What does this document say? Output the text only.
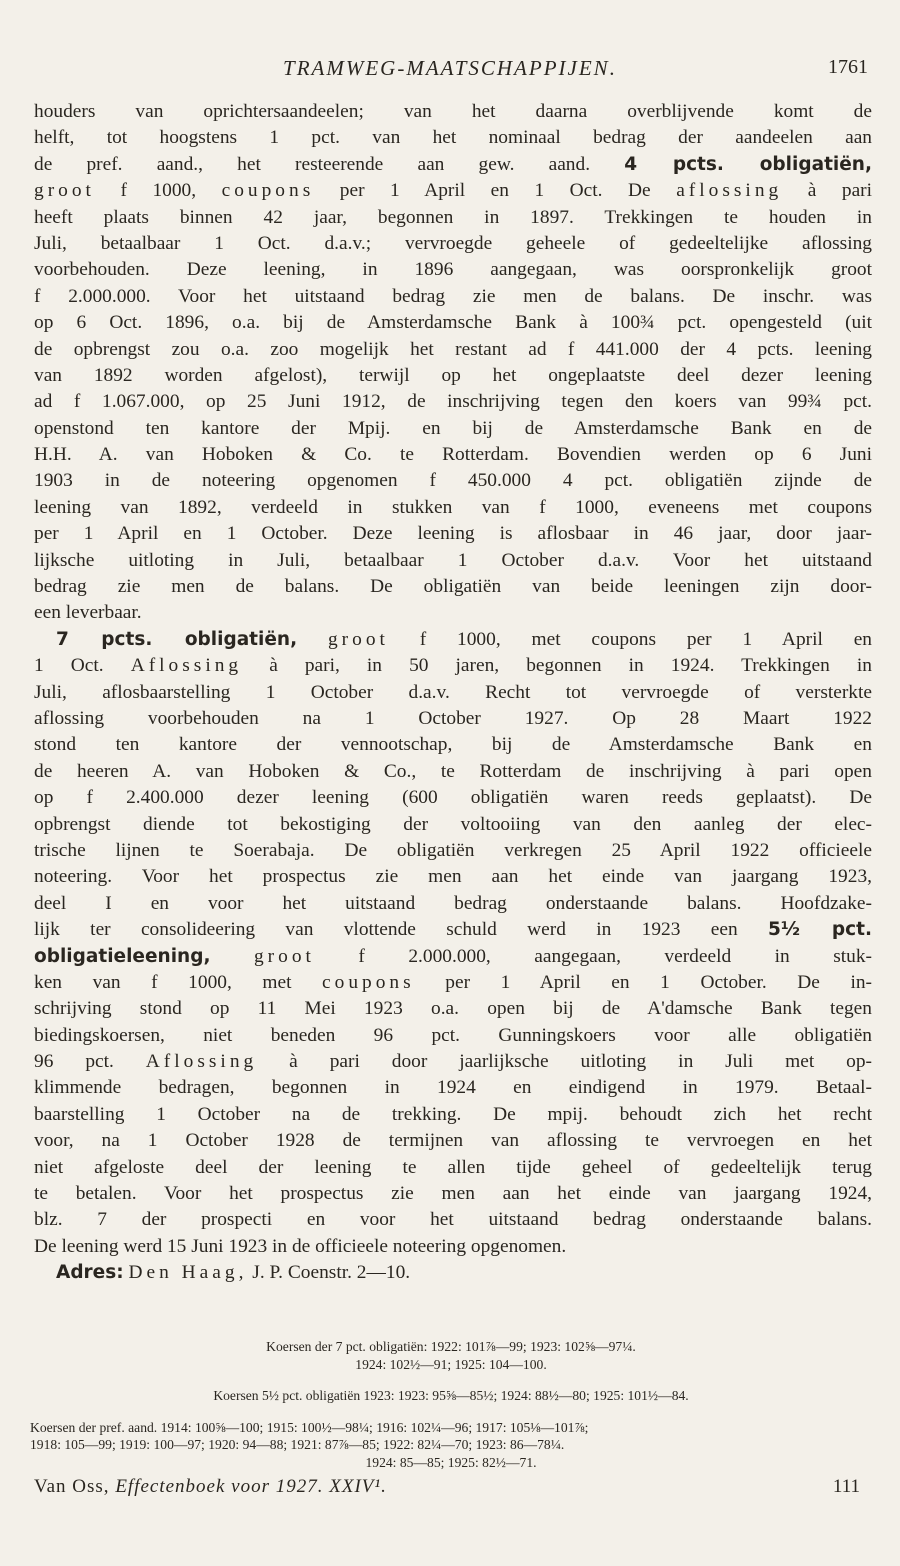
TRAMWEG-MAATSCHAPPIJEN.	1761
houders van oprichtersaandeelen; van het daarna overblijvende komt de
helft, tot hoogstens 1 pct. van het nominaal bedrag der aandeelen aan
de pref. aand., het resteerende aan gew. aand. 4 pcts. obligatiën,
groot f 1000, coupons per 1 April en 1 Oct. De aflossing à pari
heeft plaats binnen 42 jaar, begonnen in 1897. Trekkingen te houden in
Juli, betaalbaar 1 Oct. d.a.v.; vervroegde geheele of gedeeltelijke aflossing
voorbehouden. Deze leening, in 1896 aangegaan, was oorspronkelijk groot
f 2.000.000. Voor het uitstaand bedrag zie men de balans. De inschr. was
op 6 Oct. 1896, o.a. bij de Amsterdamsche Bank à 100¾ pct. opengesteld (uit
de opbrengst zou o.a. zoo mogelijk het restant ad f 441.000 der 4 pcts. leening
van 1892 worden afgelost), terwijl op het ongeplaatste deel dezer leening
ad f 1.067.000, op 25 Juni 1912, de inschrijving tegen den koers van 99¾ pct.
openstond ten kantore der Mpij. en bij de Amsterdamsche Bank en de
H.H. A. van Hoboken & Co. te Rotterdam. Bovendien werden op 6 Juni
1903 in de noteering opgenomen f 450.000 4 pct. obligatiën zijnde de
leening van 1892, verdeeld in stukken van f 1000, eveneens met coupons
per 1 April en 1 October. Deze leening is aflosbaar in 46 jaar, door jaar-
lijksche uitloting in Juli, betaalbaar 1 October d.a.v. Voor het uitstaand
bedrag zie men de balans. De obligatiën van beide leeningen zijn door-
een leverbaar.
7 pcts. obligatiën, groot f 1000, met coupons per 1 April en
1 Oct. Aflossing à pari, in 50 jaren, begonnen in 1924. Trekkingen in
Juli, aflosbaarstelling 1 October d.a.v. Recht tot vervroegde of versterkte
aflossing voorbehouden na 1 October 1927. Op 28 Maart 1922
stond ten kantore der vennootschap, bij de Amsterdamsche Bank en
de heeren A. van Hoboken & Co., te Rotterdam de inschrijving à pari open
op f 2.400.000 dezer leening (600 obligatiën waren reeds geplaatst). De
opbrengst diende tot bekostiging der voltooiing van den aanleg der elec-
trische lijnen te Soerabaja. De obligatiën verkregen 25 April 1922 officieele
noteering. Voor het prospectus zie men aan het einde van jaargang 1923,
deel I en voor het uitstaand bedrag onderstaande balans. Hoofdzake-
lijk ter consolideering van vlottende schuld werd in 1923 een 5½ pct.
obligatieleening, groot f 2.000.000, aangegaan, verdeeld in stuk-
ken van f 1000, met coupons per 1 April en 1 October. De in-
schrijving stond op 11 Mei 1923 o.a. open bij de A'damsche Bank tegen
biedingskoersen, niet beneden 96 pct. Gunningskoers voor alle obligatiën
96 pct. Aflossing à pari door jaarlijksche uitloting in Juli met op-
klimmende bedragen, begonnen in 1924 en eindigend in 1979. Betaal-
baarstelling 1 October na de trekking. De mpij. behoudt zich het recht
voor, na 1 October 1928 de termijnen van aflossing te vervroegen en het
niet afgeloste deel der leening te allen tijde geheel of gedeeltelijk terug
te betalen. Voor het prospectus zie men aan het einde van jaargang 1924,
blz. 7 der prospecti en voor het uitstaand bedrag onderstaande balans.
De leening werd 15 Juni 1923 in de officieele noteering opgenomen.
Adres: Den Haag, J. P. Coenstr. 2—10.
Koersen der 7 pct. obligatiën: 1922: 101⅞—99; 1923: 102⅝—97¼.
1924: 102½—91; 1925: 104—100.
Koersen 5½ pct. obligatiën 1923: 1923: 95⅝—85½; 1924: 88½—80; 1925: 101½—84.
Koersen der pref. aand. 1914: 100⅝—100; 1915: 100½—98¼; 1916: 102¼—96; 1917: 105⅛—101⅞;
1918: 105—99; 1919: 100—97; 1920: 94—88; 1921: 87⅞—85; 1922: 82¼—70; 1923: 86—78¼.
1924: 85—85; 1925: 82½—71.
Van Oss, Effectenboek voor 1927. XXIV¹.	111
